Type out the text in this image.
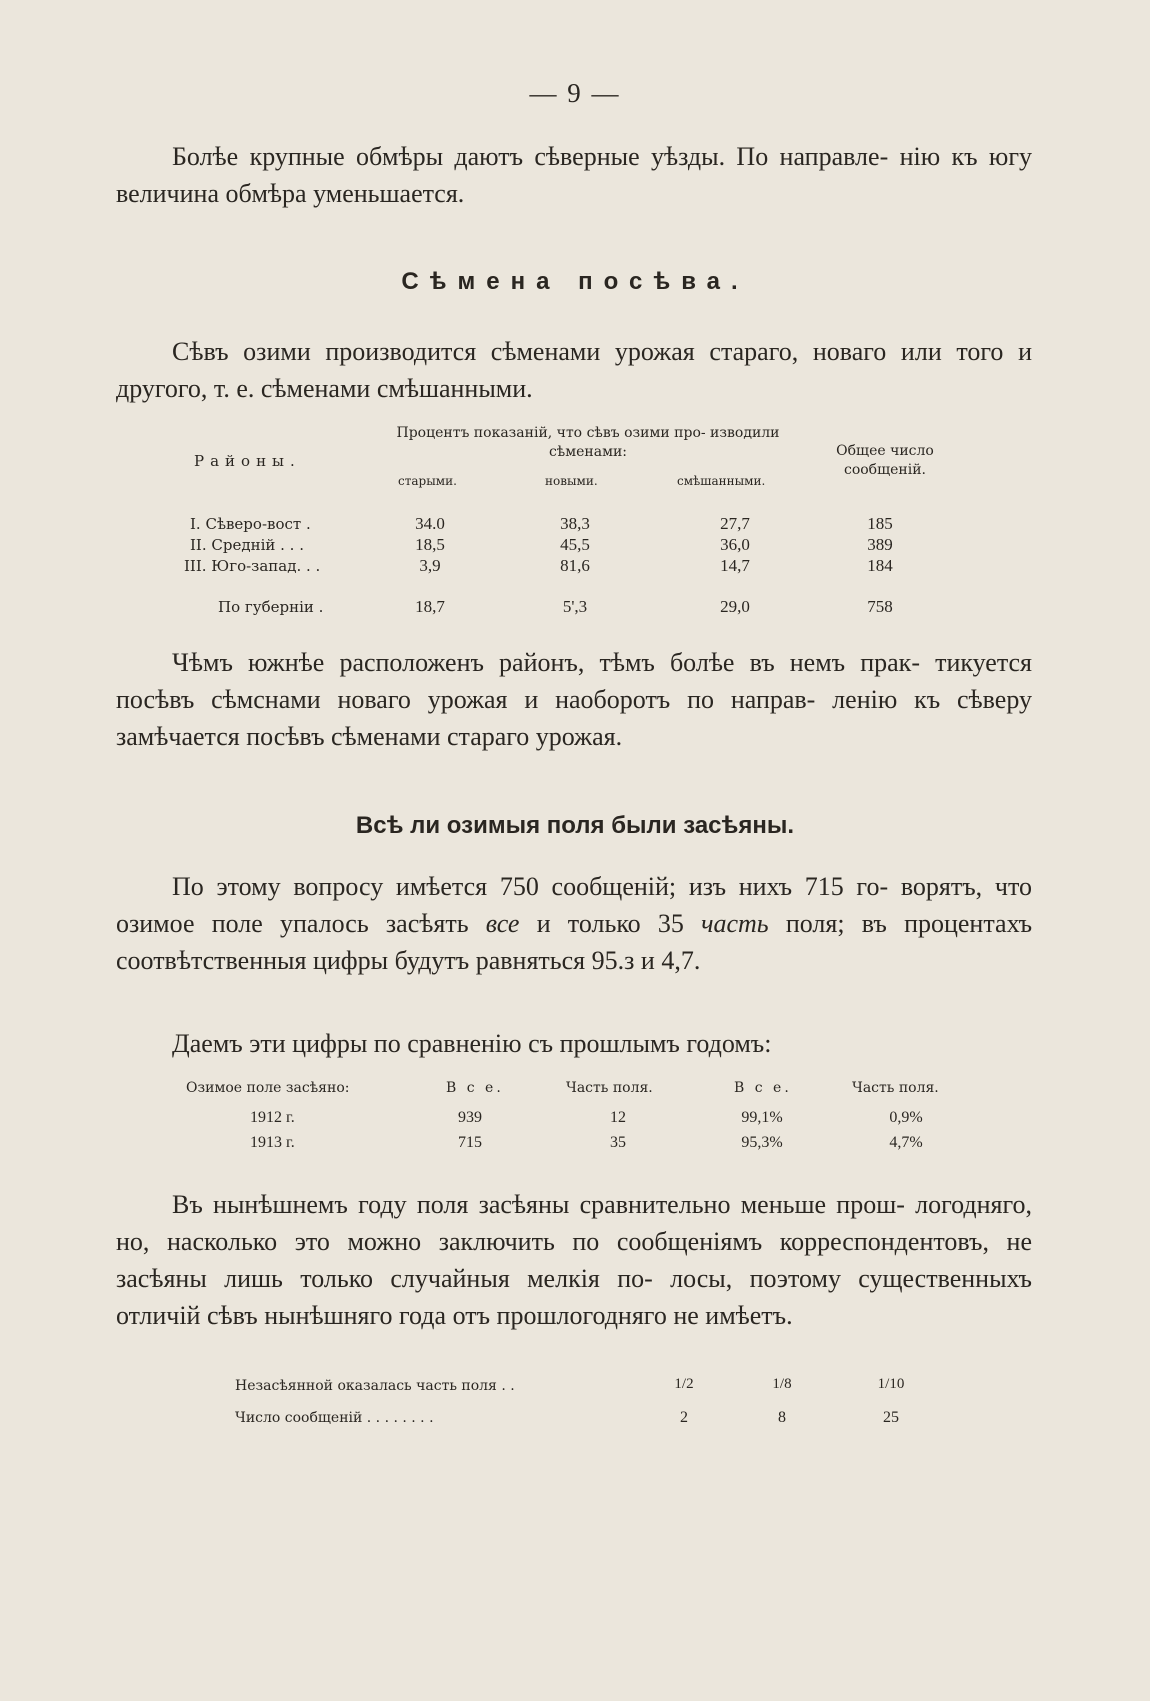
— 9 —
Болѣе крупные обмѣры даютъ сѣверные уѣзды. По направле- нію къ югу величина обмѣра уменьшается.
Сѣмена посѣва.
Сѣвъ озими производится сѣменами урожая стараго, новаго или того и другого, т. е. сѣменами смѣшанными.
Районы.
Процентъ показаній, что сѣвъ озими про- изводили сѣменами:
старыми.	новыми.	смѣшанными.
Общее число сообщеній.
I. Сѣверо-вост .	34.0	38,3	27,7	185
II. Средній . . .	18,5	45,5	36,0	389
III. Юго-запад. . .	3,9	81,6	14,7	184
По губерніи .	18,7	5',3	29,0	758
Чѣмъ южнѣе расположенъ районъ, тѣмъ болѣе въ немъ прак- тикуется посѣвъ сѣмснами новаго урожая и наоборотъ по направ- ленію къ сѣверу замѣчается посѣвъ сѣменами стараго урожая.
Всѣ ли озимыя поля были засѣяны.
По этому вопросу имѣется 750 сообщеній; изъ нихъ 715 го- ворятъ, что озимое поле упалось засѣять все и только 35 часть поля; въ процентахъ соотвѣтственныя цифры будутъ равняться 95.з и 4,7.
Даемъ эти цифры по сравненію съ прошлымъ годомъ:
Озимое поле засѣяно:	В с е.	Часть поля.	В с е.	Часть поля.
1912 г.	939	12	99,1%	0,9%
1913 г.	715	35	95,3%	4,7%
Въ нынѣшнемъ году поля засѣяны сравнительно меньше прош- логодняго, но, насколько это можно заключить по сообщеніямъ корреспондентовъ, не засѣяны лишь только случайныя мелкія по- лосы, поэтому существенныхъ отличій сѣвъ нынѣшняго года отъ прошлогодняго не имѣетъ.
Незасѣянной оказалась часть поля . .	1/2	1/8	1/10
Число сообщеній . . . . . . . .	2	8	25
